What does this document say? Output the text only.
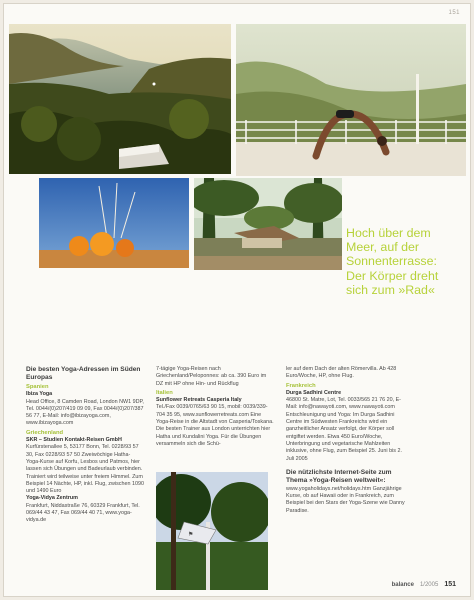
151
⚑
Hoch über dem
Meer, auf der
Sonnenterrasse:
Der Körper dreht
sich zum »Rad«
Die besten Yoga-Adressen im Süden Europas
Spanien
Ibiza Yoga

Head Office, 8 Camden Road, London NW1 9DP, Tel. 0044/(0)207/419 09 09, Fax 0044/(0)207/387 56 77, E-Mail: info@ibizayoga.com, www.ibizayoga.com

Griechenland
SKR – Studien Kontakt-Reisen GmbH

Kurfürstenallee 5, 53177 Bonn, Tel. 0228/93 57 30, Fax 0228/93 57 50 Zweiwöchige Hatha-Yoga-Kurse auf Korfu, Lesbos und Patmos, hier lassen sich Übungen und Badeurlaub verbinden. Trainiert wird teilweise unter freiem Himmel. Zum Beispiel 14 Nächte, HP, inkl. Flug, zwischen 1090 und 1490 Euro

Yoga-Vidya Zentrum

Frankfurt, Niddastraße 76, 60329 Frankfurt, Tel. 069/44 43 47, Fax 069/44 40 71, www.yoga-vidya.de

7-tägige Yoga-Reisen nach Griechenland/Peloponnes: ab ca. 390 Euro im DZ mit HP ohne Hin- und Rückflug

Italien
Sunflower Retreats Casperia Italy

Tel./Fax 0039/0765/63 90 15, mobil: 0039/339-704 35 95, www.sunflowerretreats.com Eine Yoga-Reise in die Altstadt von Casperia/Toskana. Die besten Trainer aus London unterrichten hier Hatha und Kundalini Yoga. Für die Übungen versammeln sich die Schü-

ler auf dem Dach der alten Römervilla. Ab 428 Euro/Woche, HP, ohne Flug.

Frankreich
Durga Sadhini Centre

46800 St. Matre, Lot, Tel. 0033/565 21 76 20, E-Mail: info@nawayoti.com, www.nawayoti.com Entschleunigung und Yoga: Im Durga Sadhini Centre im Südwesten Frankreichs wird ein ganzheitlicher Ansatz verfolgt, der Körper soll entgiftet werden. Etwa 450 Euro/Woche, Unterbringung und vegetarische Mahlzeiten inklusive, ohne Flug, zum Beispiel 25. Juni bis 2. Juli 2005

Die nützlichste Internet-Seite zum Thema »Yoga-Reisen weltweit«:

www.yogaholidays.net/holidays.htm Ganzjährige Kurse, ob auf Hawaii oder in Frankreich, zum Beispiel bei den Stars der Yoga-Szene wie Danny Paradise.

balance 1/2005 151
